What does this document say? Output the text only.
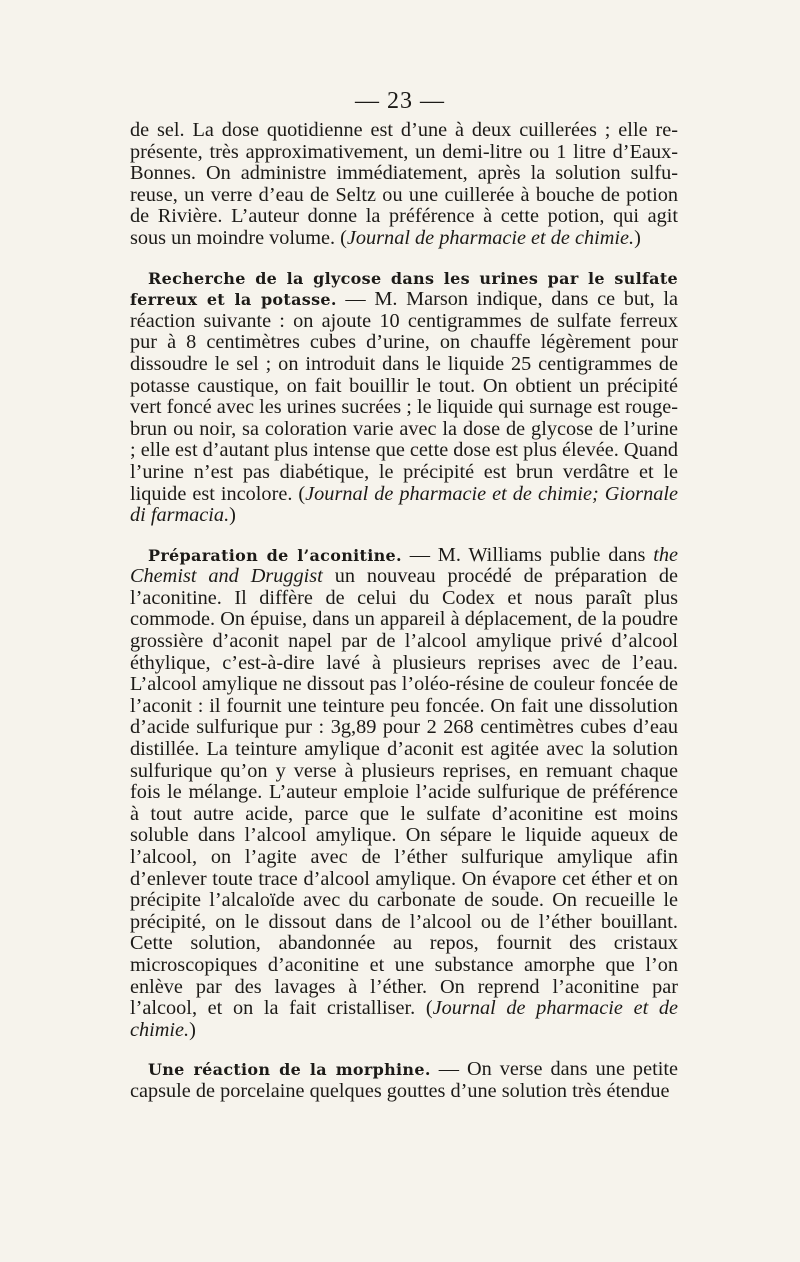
— 23 —

de sel. La dose quotidienne est d’une à deux cuillerées ; elle représente, très approximativement, un demi-litre ou 1 litre d’Eaux-Bonnes. On administre immédiatement, après la solution sulfureuse, un verre d’eau de Seltz ou une cuillerée à bouche de potion de Rivière. L’auteur donne la préférence à cette potion, qui agit sous un moindre volume. (Journal de pharmacie et de chimie.)

Recherche de la glycose dans les urines par le sulfate ferreux et la potasse. — M. Marson indique, dans ce but, la réaction suivante : on ajoute 10 centigrammes de sulfate ferreux pur à 8 centimètres cubes d’urine, on chauffe légèrement pour dissoudre le sel ; on introduit dans le liquide 25 centigrammes de potasse caustique, on fait bouillir le tout. On obtient un précipité vert foncé avec les urines sucrées ; le liquide qui surnage est rouge-brun ou noir, sa coloration varie avec la dose de glycose de l’urine ; elle est d’autant plus intense que cette dose est plus élevée. Quand l’urine n’est pas diabétique, le précipité est brun verdâtre et le liquide est incolore. (Journal de pharmacie et de chimie; Giornale di farmacia.)

Préparation de l’aconitine. — M. Williams publie dans the Chemist and Druggist un nouveau procédé de préparation de l’aconitine. Il diffère de celui du Codex et nous paraît plus commode. On épuise, dans un appareil à déplacement, de la poudre grossière d’aconit napel par de l’alcool amylique privé d’alcool éthylique, c’est-à-dire lavé à plusieurs reprises avec de l’eau. L’alcool amylique ne dissout pas l’oléo-résine de couleur foncée de l’aconit : il fournit une teinture peu foncée. On fait une dissolution d’acide sulfurique pur : 3g,89 pour 2 268 centimètres cubes d’eau distillée. La teinture amylique d’aconit est agitée avec la solution sulfurique qu’on y verse à plusieurs reprises, en remuant chaque fois le mélange. L’auteur emploie l’acide sulfurique de préférence à tout autre acide, parce que le sulfate d’aconitine est moins soluble dans l’alcool amylique. On sépare le liquide aqueux de l’alcool, on l’agite avec de l’éther sulfurique amylique afin d’enlever toute trace d’alcool amylique. On évapore cet éther et on précipite l’alcaloïde avec du carbonate de soude. On recueille le précipité, on le dissout dans de l’alcool ou de l’éther bouillant. Cette solution, abandonnée au repos, fournit des cristaux microscopiques d’aconitine et une substance amorphe que l’on enlève par des lavages à l’éther. On reprend l’aconitine par l’alcool, et on la fait cristalliser. (Journal de pharmacie et de chimie.)

Une réaction de la morphine. — On verse dans une petite capsule de porcelaine quelques gouttes d’une solution très étendue
